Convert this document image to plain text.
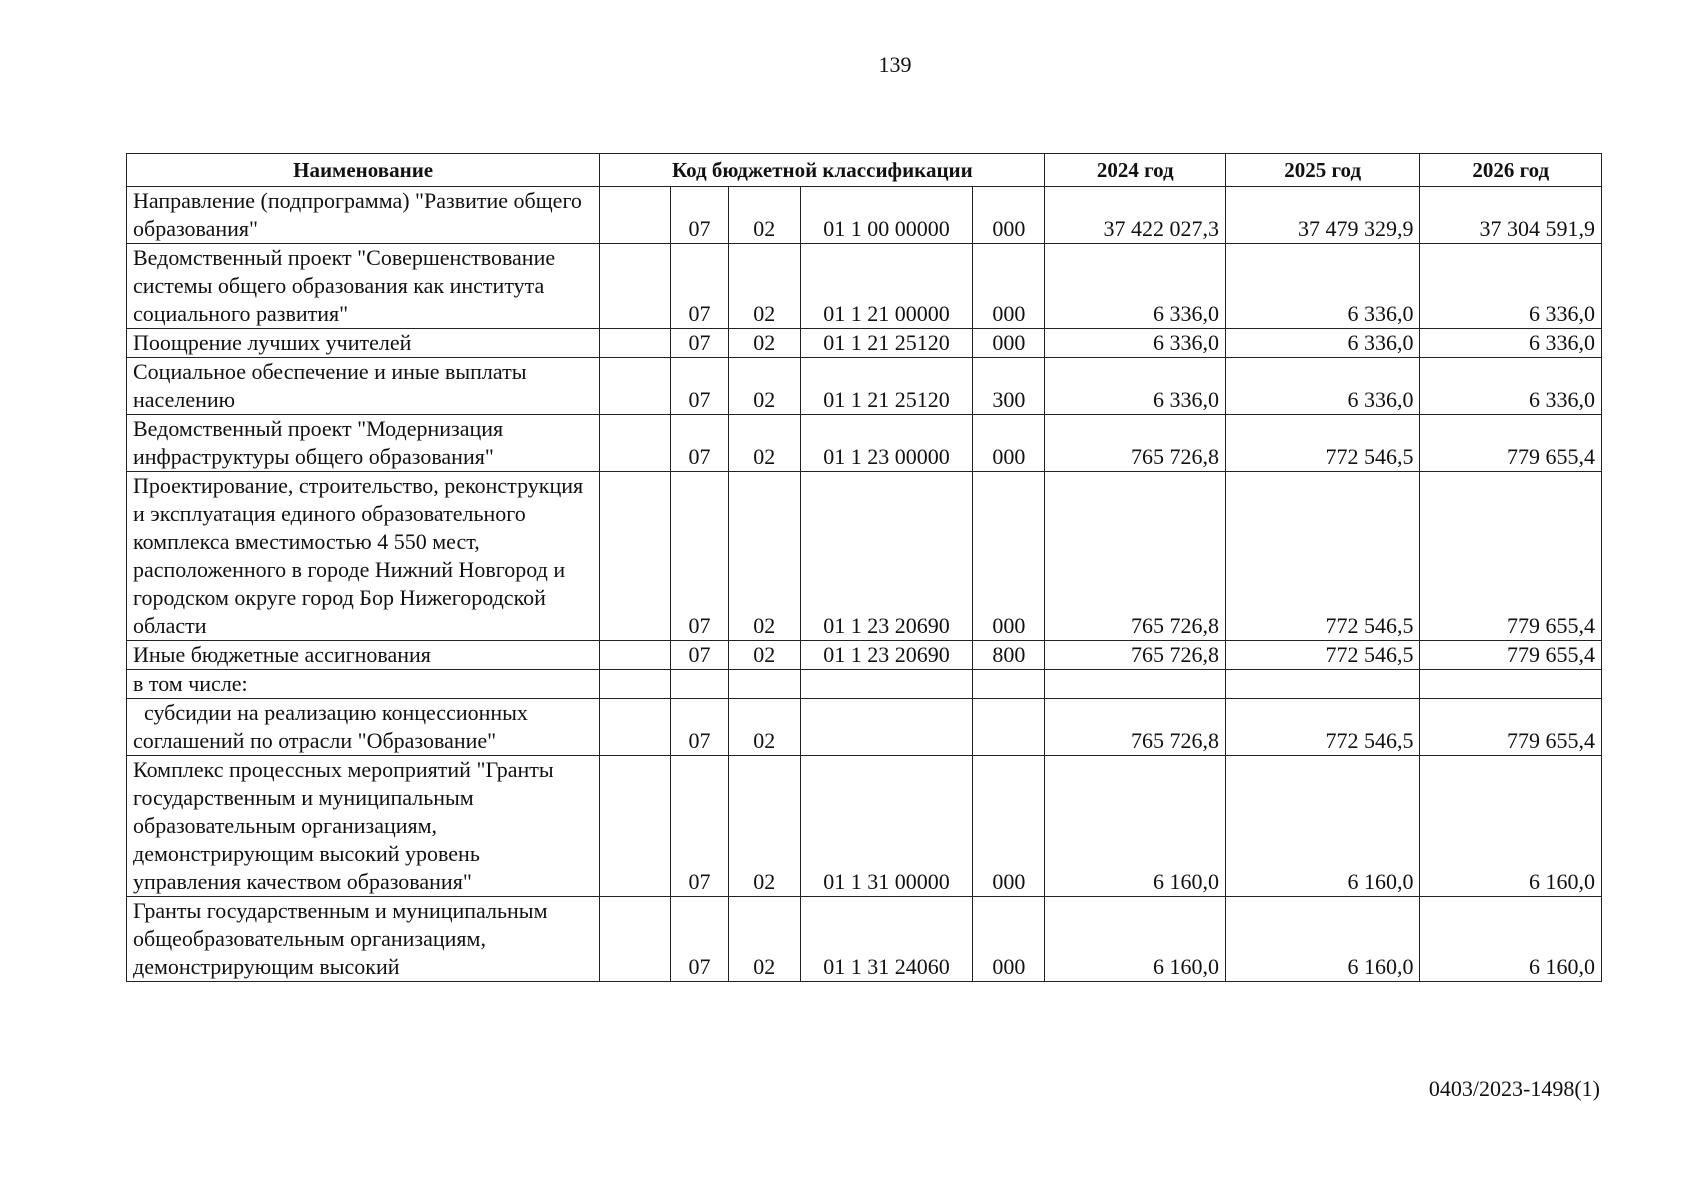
139
Наименование	Код бюджетной классификации					2024 год	2025 год	2026 год
Направление (подпрограмма) "Развитие общего образования"		07	02	01 1 00 00000	000	37 422 027,3	37 479 329,9	37 304 591,9
Ведомственный проект "Совершенствование системы общего образования как института социального развития"		07	02	01 1 21 00000	000	6 336,0	6 336,0	6 336,0
Поощрение лучших учителей		07	02	01 1 21 25120	000	6 336,0	6 336,0	6 336,0
Социальное обеспечение и иные выплаты населению		07	02	01 1 21 25120	300	6 336,0	6 336,0	6 336,0
Ведомственный проект "Модернизация инфраструктуры общего образования"		07	02	01 1 23 00000	000	765 726,8	772 546,5	779 655,4
Проектирование, строительство, реконструкция и эксплуатация единого образовательного комплекса вместимостью 4 550 мест, расположенного в городе Нижний Новгород и городском округе город Бор Нижегородской области		07	02	01 1 23 20690	000	765 726,8	772 546,5	779 655,4
Иные бюджетные ассигнования		07	02	01 1 23 20690	800	765 726,8	772 546,5	779 655,4
в том числе:								
субсидии на реализацию концессионных соглашений по отрасли "Образование"		07	02			765 726,8	772 546,5	779 655,4
Комплекс процессных мероприятий "Гранты государственным и муниципальным образовательным организациям, демонстрирующим высокий уровень управления качеством образования"		07	02	01 1 31 00000	000	6 160,0	6 160,0	6 160,0
Гранты государственным и муниципальным общеобразовательным организациям, демонстрирующим высокий		07	02	01 1 31 24060	000	6 160,0	6 160,0	6 160,0
0403/2023-1498(1)
